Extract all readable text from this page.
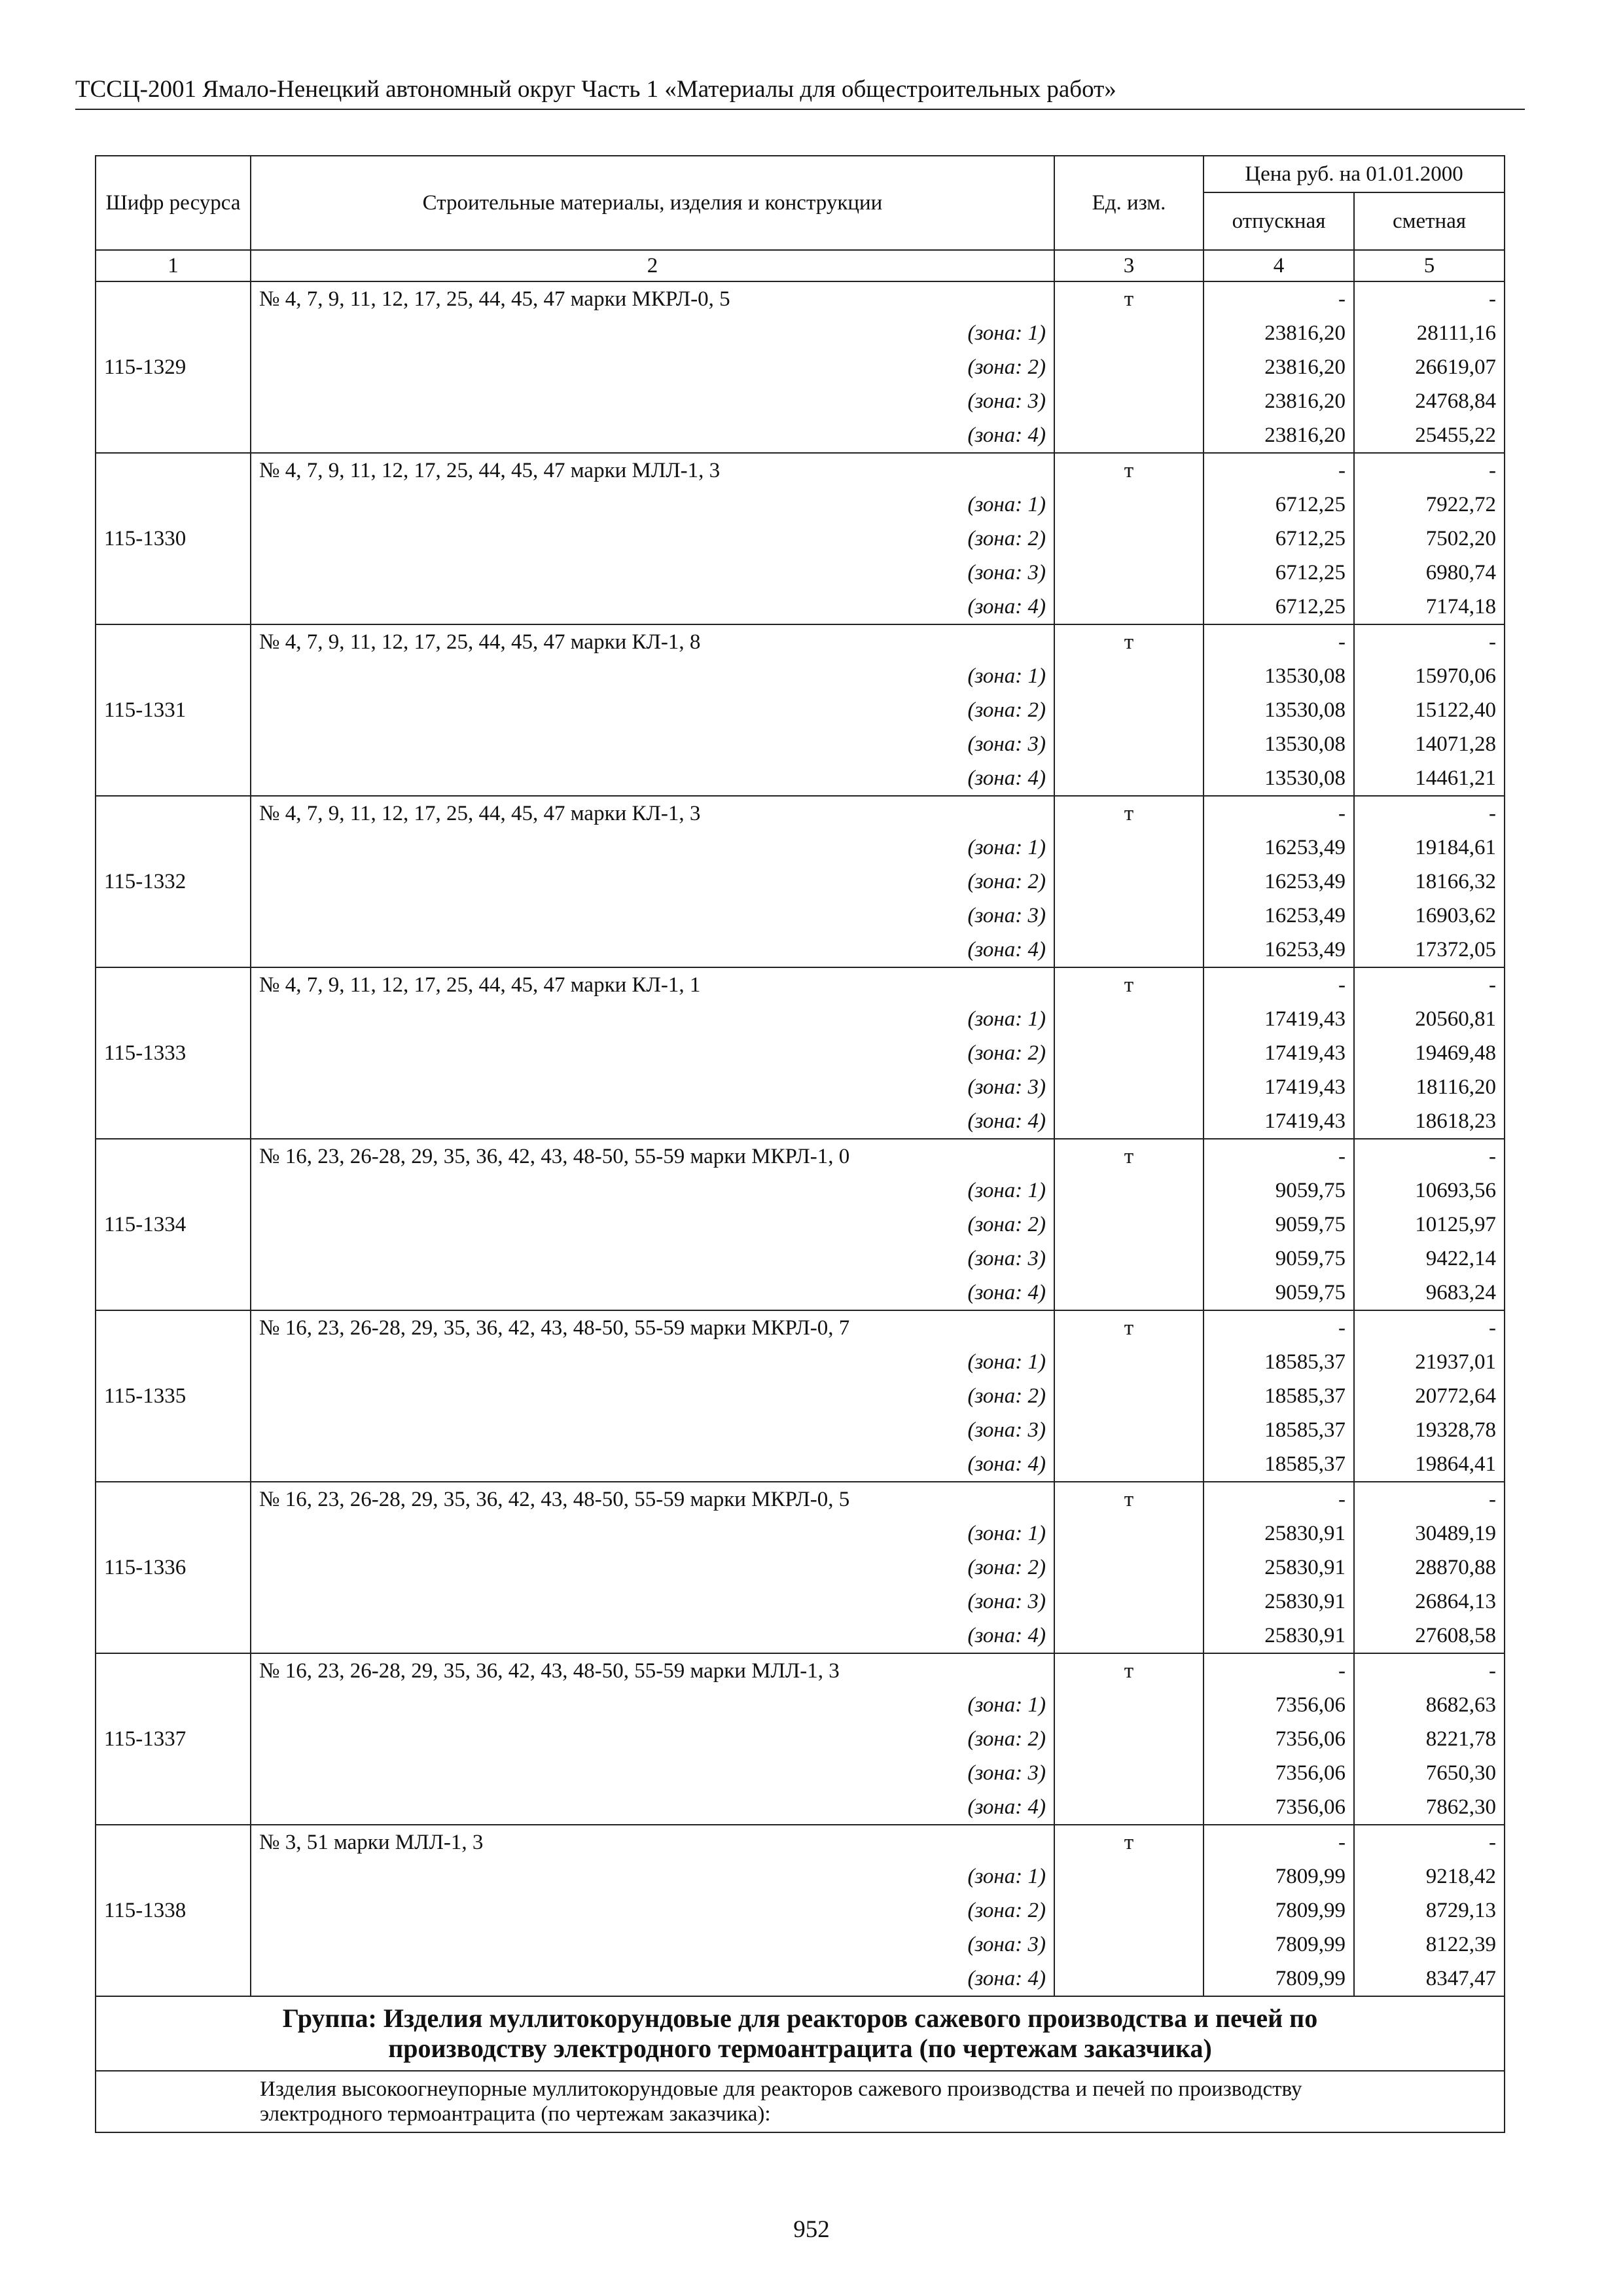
ТССЦ-2001 Ямало-Ненецкий автономный округ Часть 1 «Материалы для общестроительных работ»
Шифр ресурса	Строительные материалы, изделия и конструкции	Ед. изм.	Цена руб. на 01.01.2000	
			отпускная	сметная
1	2	3	4	5
115-1329	№ 4, 7, 9, 11, 12, 17, 25, 44, 45, 47 марки МКРЛ-0, 5	т	-	-
	(зона: 1)		23816,20	28111,16
	(зона: 2)		23816,20	26619,07
	(зона: 3)		23816,20	24768,84
	(зона: 4)		23816,20	25455,22
115-1330	№ 4, 7, 9, 11, 12, 17, 25, 44, 45, 47 марки МЛЛ-1, 3	т	-	-
	(зона: 1)		6712,25	7922,72
	(зона: 2)		6712,25	7502,20
	(зона: 3)		6712,25	6980,74
	(зона: 4)		6712,25	7174,18
115-1331	№ 4, 7, 9, 11, 12, 17, 25, 44, 45, 47 марки КЛ-1, 8	т	-	-
	(зона: 1)		13530,08	15970,06
	(зона: 2)		13530,08	15122,40
	(зона: 3)		13530,08	14071,28
	(зона: 4)		13530,08	14461,21
115-1332	№ 4, 7, 9, 11, 12, 17, 25, 44, 45, 47 марки КЛ-1, 3	т	-	-
	(зона: 1)		16253,49	19184,61
	(зона: 2)		16253,49	18166,32
	(зона: 3)		16253,49	16903,62
	(зона: 4)		16253,49	17372,05
115-1333	№ 4, 7, 9, 11, 12, 17, 25, 44, 45, 47 марки КЛ-1, 1	т	-	-
	(зона: 1)		17419,43	20560,81
	(зона: 2)		17419,43	19469,48
	(зона: 3)		17419,43	18116,20
	(зона: 4)		17419,43	18618,23
115-1334	№ 16, 23, 26-28, 29, 35, 36, 42, 43, 48-50, 55-59 марки МКРЛ-1, 0	т	-	-
	(зона: 1)		9059,75	10693,56
	(зона: 2)		9059,75	10125,97
	(зона: 3)		9059,75	9422,14
	(зона: 4)		9059,75	9683,24
115-1335	№ 16, 23, 26-28, 29, 35, 36, 42, 43, 48-50, 55-59 марки МКРЛ-0, 7	т	-	-
	(зона: 1)		18585,37	21937,01
	(зона: 2)		18585,37	20772,64
	(зона: 3)		18585,37	19328,78
	(зона: 4)		18585,37	19864,41
115-1336	№ 16, 23, 26-28, 29, 35, 36, 42, 43, 48-50, 55-59 марки МКРЛ-0, 5	т	-	-
	(зона: 1)		25830,91	30489,19
	(зона: 2)		25830,91	28870,88
	(зона: 3)		25830,91	26864,13
	(зона: 4)		25830,91	27608,58
115-1337	№ 16, 23, 26-28, 29, 35, 36, 42, 43, 48-50, 55-59 марки МЛЛ-1, 3	т	-	-
	(зона: 1)		7356,06	8682,63
	(зона: 2)		7356,06	8221,78
	(зона: 3)		7356,06	7650,30
	(зона: 4)		7356,06	7862,30
115-1338	№ 3, 51 марки МЛЛ-1, 3	т	-	-
	(зона: 1)		7809,99	9218,42
	(зона: 2)		7809,99	8729,13
	(зона: 3)		7809,99	8122,39
	(зона: 4)		7809,99	8347,47

Группа: Изделия муллитокорундовые для реакторов сажевого производства и печей по
производству электродного термоантрацита (по чертежам заказчика)				

Изделия высокоогнеупорные муллитокорундовые для реакторов сажевого производства и печей по производству
электродного термоантрацита (по чертежам заказчика):				
952
